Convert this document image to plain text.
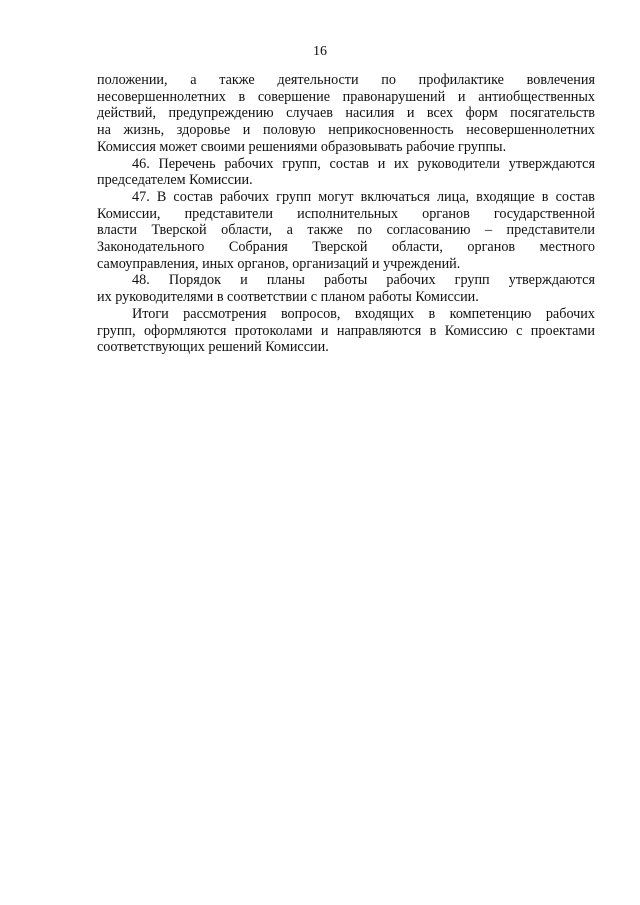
16

положении, а также деятельности по профилактике вовлечения
несовершеннолетних в совершение правонарушений и антиобщественных
действий, предупреждению случаев насилия и всех форм посягательств
на жизнь, здоровье и половую неприкосновенность несовершеннолетних
Комиссия может своими решениями образовывать рабочие группы.

46. Перечень рабочих групп, состав и их руководители утверждаются
председателем Комиссии.

47. В состав рабочих групп могут включаться лица, входящие в состав
Комиссии, представители исполнительных органов государственной
власти Тверской области, а также по согласованию – представители
Законодательного Собрания Тверской области, органов местного
самоуправления, иных органов, организаций и учреждений.

48. Порядок и планы работы рабочих групп утверждаются
их руководителями в соответствии с планом работы Комиссии.

Итоги рассмотрения вопросов, входящих в компетенцию рабочих
групп, оформляются протоколами и направляются в Комиссию с проектами
соответствующих решений Комиссии.
